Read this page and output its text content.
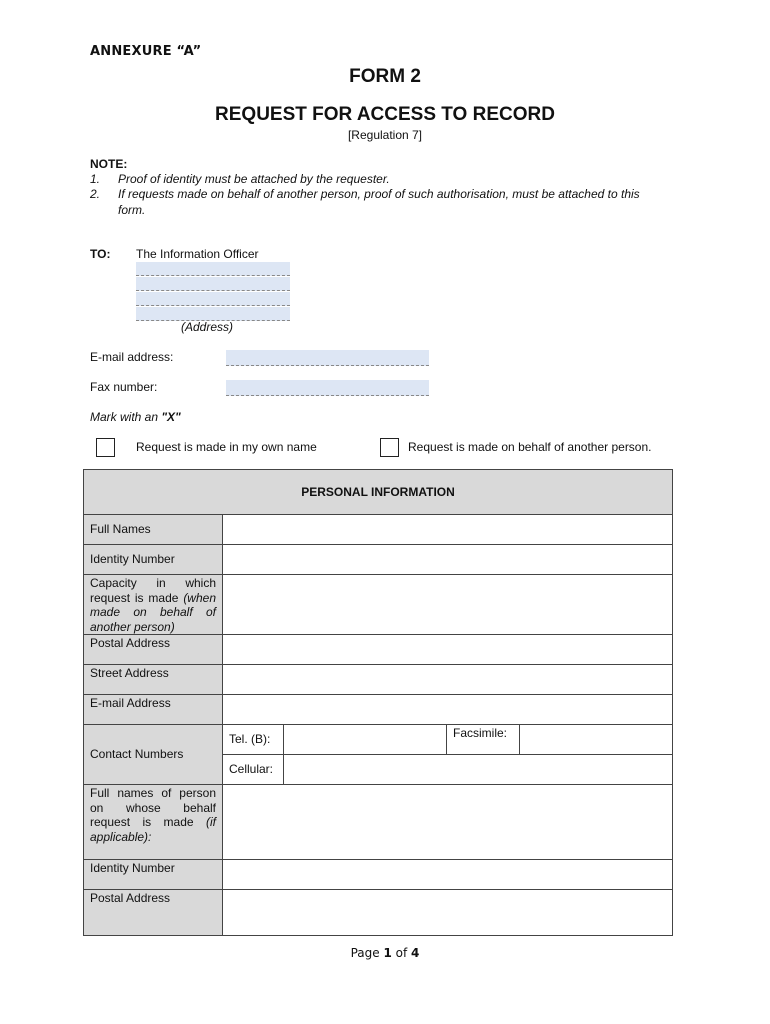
ANNEXURE “A”
FORM 2
REQUEST FOR ACCESS TO RECORD
[Regulation 7]
NOTE:
1. Proof of identity must be attached by the requester.
2. If requests made on behalf of another person, proof of such authorisation, must be attached to this
form.
TO: The Information Officer
(Address)
E-mail address:
Fax number:
Mark with an "X"
Request is made in my own name	Request is made on behalf of another person.
PERSONAL INFORMATION				
Full Names				
Identity Number				
Capacity in which request is made (when made on behalf of another person)				
Postal Address				
Street Address				
E-mail Address				
Contact Numbers	Tel. (B):		Facsimile:	
	Cellular:			
Full names of person on whose behalf request is made (if applicable):				
Identity Number				
Postal Address				
Page 1 of 4
